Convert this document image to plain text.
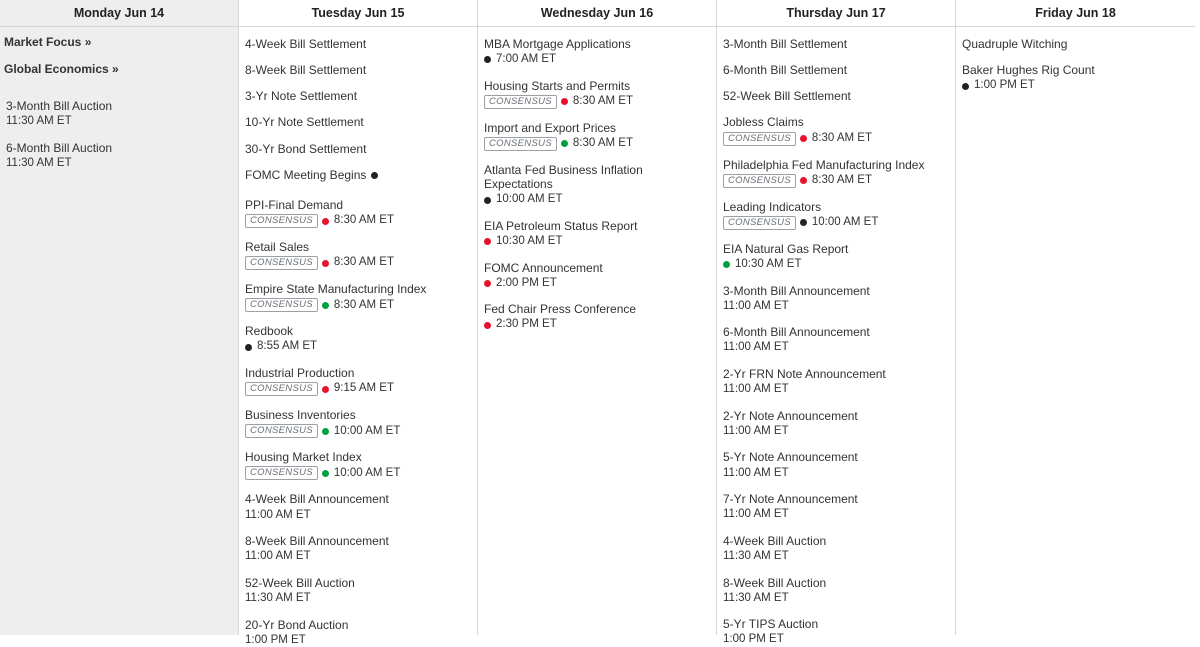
Monday Jun 14
Market Focus »
Global Economics »
3-Month Bill Auction
11:30 AM ET
6-Month Bill Auction
11:30 AM ET
Tuesday Jun 15
4-Week Bill Settlement
8-Week Bill Settlement
3-Yr Note Settlement
10-Yr Note Settlement
30-Yr Bond Settlement
FOMC Meeting Begins
PPI-Final Demand
CONSENSUS	8:30 AM ET
Retail Sales
CONSENSUS	8:30 AM ET
Empire State Manufacturing Index
CONSENSUS	8:30 AM ET
Redbook
8:55 AM ET
Industrial Production
CONSENSUS	9:15 AM ET
Business Inventories
CONSENSUS	10:00 AM ET
Housing Market Index
CONSENSUS	10:00 AM ET
4-Week Bill Announcement
11:00 AM ET
8-Week Bill Announcement
11:00 AM ET
52-Week Bill Auction
11:30 AM ET
20-Yr Bond Auction
1:00 PM ET
Wednesday Jun 16
MBA Mortgage Applications
7:00 AM ET
Housing Starts and Permits
CONSENSUS	8:30 AM ET
Import and Export Prices
CONSENSUS	8:30 AM ET
Atlanta Fed Business Inflation Expectations
10:00 AM ET
EIA Petroleum Status Report
10:30 AM ET
FOMC Announcement
2:00 PM ET
Fed Chair Press Conference
2:30 PM ET
Thursday Jun 17
3-Month Bill Settlement
6-Month Bill Settlement
52-Week Bill Settlement
Jobless Claims
CONSENSUS	8:30 AM ET
Philadelphia Fed Manufacturing Index
CONSENSUS	8:30 AM ET
Leading Indicators
CONSENSUS	10:00 AM ET
EIA Natural Gas Report
10:30 AM ET
3-Month Bill Announcement
11:00 AM ET
6-Month Bill Announcement
11:00 AM ET
2-Yr FRN Note Announcement
11:00 AM ET
2-Yr Note Announcement
11:00 AM ET
5-Yr Note Announcement
11:00 AM ET
7-Yr Note Announcement
11:00 AM ET
4-Week Bill Auction
11:30 AM ET
8-Week Bill Auction
11:30 AM ET
5-Yr TIPS Auction
1:00 PM ET
Friday Jun 18
Quadruple Witching
Baker Hughes Rig Count
1:00 PM ET
